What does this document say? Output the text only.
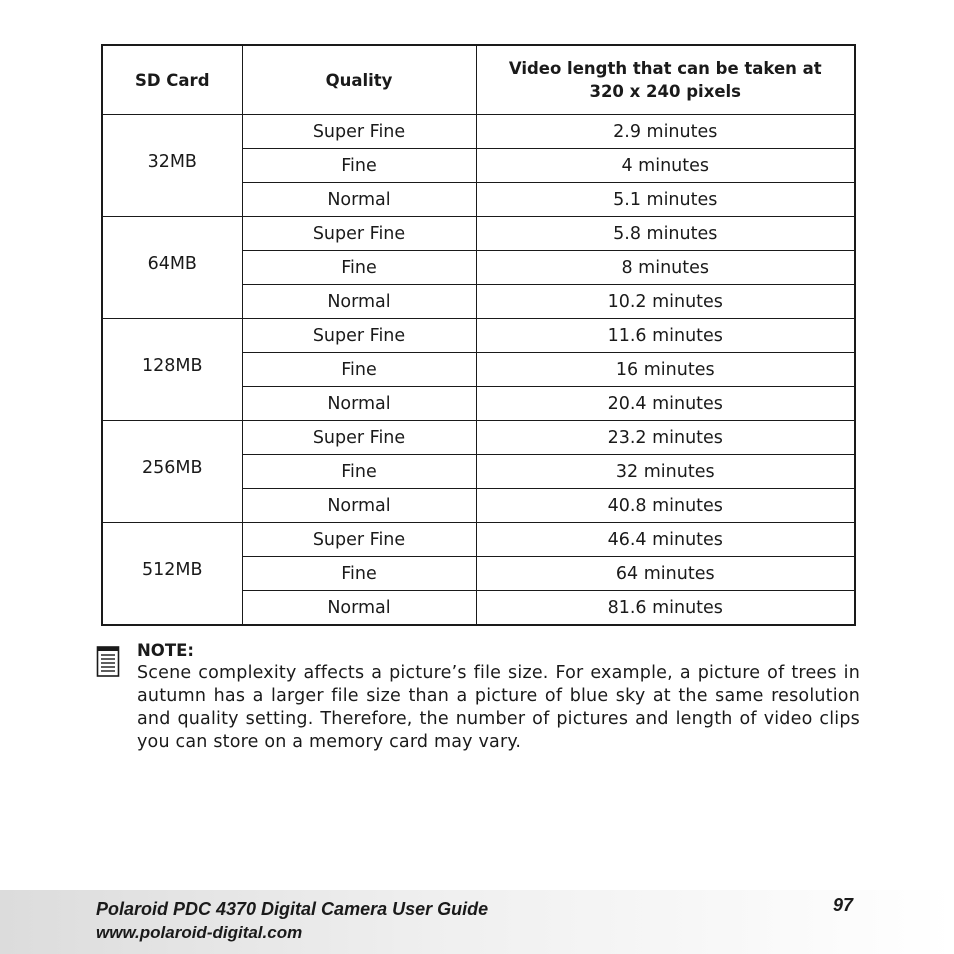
SD Card	Quality	Video length that can be taken at
320 x 240 pixels

32MB	Super Fine	2.9 minutes
	Fine	4 minutes
	Normal	5.1 minutes
64MB	Super Fine	5.8 minutes
	Fine	8 minutes
	Normal	10.2 minutes
128MB	Super Fine	11.6 minutes
	Fine	16 minutes
	Normal	20.4 minutes
256MB	Super Fine	23.2 minutes
	Fine	32 minutes
	Normal	40.8 minutes
512MB	Super Fine	46.4 minutes
	Fine	64 minutes
	Normal	81.6 minutes
NOTE:
Scene complexity affects a picture’s file size. For example, a picture of trees in autumn has a larger file size than a picture of blue sky at the same resolution and quality setting. Therefore, the number of pictures and length of video clips you can store on a memory card may vary.
Polaroid PDC 4370 Digital Camera User Guide
www.polaroid-digital.com
97
